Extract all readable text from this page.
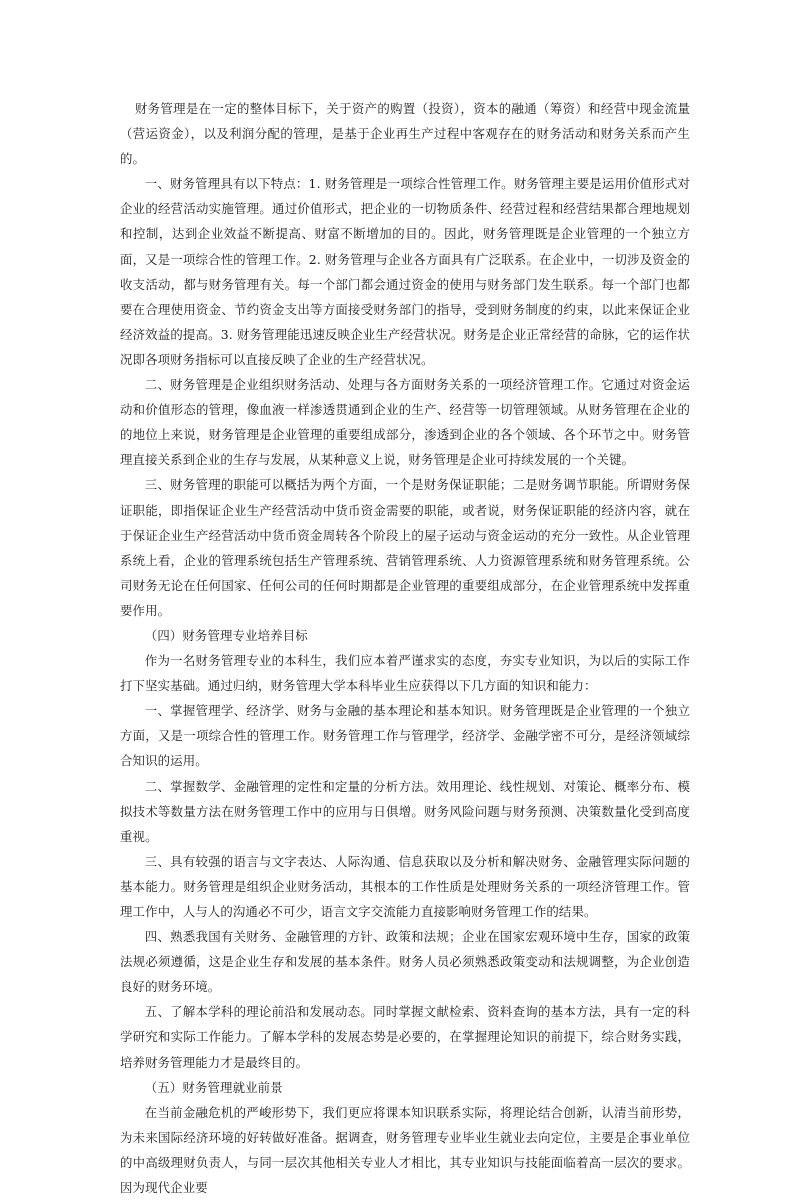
财务管理是在一定的整体目标下，关于资产的购置（投资），资本的融通（筹资）和经营中现金流量（营运资金），以及利润分配的管理，是基于企业再生产过程中客观存在的财务活动和财务关系而产生的。

一、财务管理具有以下特点：1. 财务管理是一项综合性管理工作。财务管理主要是运用价值形式对企业的经营活动实施管理。通过价值形式，把企业的一切物质条件、经营过程和经营结果都合理地规划和控制，达到企业效益不断提高、财富不断增加的目的。因此，财务管理既是企业管理的一个独立方面，又是一项综合性的管理工作。2. 财务管理与企业各方面具有广泛联系。在企业中，一切涉及资金的收支活动，都与财务管理有关。每一个部门都会通过资金的使用与财务部门发生联系。每一个部门也都要在合理使用资金、节约资金支出等方面接受财务部门的指导，受到财务制度的约束，以此来保证企业经济效益的提高。3. 财务管理能迅速反映企业生产经营状况。财务是企业正常经营的命脉，它的运作状况即各项财务指标可以直接反映了企业的生产经营状况。

二、财务管理是企业组织财务活动、处理与各方面财务关系的一项经济管理工作。它通过对资金运动和价值形态的管理，像血液一样渗透贯通到企业的生产、经营等一切管理领域。从财务管理在企业的的地位上来说，财务管理是企业管理的重要组成部分，渗透到企业的各个领域、各个环节之中。财务管理直接关系到企业的生存与发展，从某种意义上说，财务管理是企业可持续发展的一个关键。

三、财务管理的职能可以概括为两个方面，一个是财务保证职能；二是财务调节职能。所谓财务保证职能，即指保证企业生产经营活动中货币资金需要的职能，或者说，财务保证职能的经济内容，就在于保证企业生产经营活动中货币资金周转各个阶段上的屋子运动与资金运动的充分一致性。从企业管理系统上看，企业的管理系统包括生产管理系统、营销管理系统、人力资源管理系统和财务管理系统。公司财务无论在任何国家、任何公司的任何时期都是企业管理的重要组成部分，在企业管理系统中发挥重要作用。

（四）财务管理专业培养目标

作为一名财务管理专业的本科生，我们应本着严谨求实的态度，夯实专业知识，为以后的实际工作打下坚实基础。通过归纳，财务管理大学本科毕业生应获得以下几方面的知识和能力：

一、掌握管理学、经济学、财务与金融的基本理论和基本知识。财务管理既是企业管理的一个独立方面，又是一项综合性的管理工作。财务管理工作与管理学，经济学、金融学密不可分，是经济领域综合知识的运用。

二、掌握数学、金融管理的定性和定量的分析方法。效用理论、线性规划、对策论、概率分布、模拟技术等数量方法在财务管理工作中的应用与日俱增。财务风险问题与财务预测、决策数量化受到高度重视。

三、具有较强的语言与文字表达、人际沟通、信息获取以及分析和解决财务、金融管理实际问题的基本能力。财务管理是组织企业财务活动，其根本的工作性质是处理财务关系的一项经济管理工作。管理工作中，人与人的沟通必不可少，语言文字交流能力直接影响财务管理工作的结果。

四、熟悉我国有关财务、金融管理的方针、政策和法规；企业在国家宏观环境中生存，国家的政策法规必须遵循，这是企业生存和发展的基本条件。财务人员必须熟悉政策变动和法规调整，为企业创造良好的财务环境。

五、了解本学科的理论前沿和发展动态。同时掌握文献检索、资料查询的基本方法，具有一定的科学研究和实际工作能力。了解本学科的发展态势是必要的，在掌握理论知识的前提下，综合财务实践，培养财务管理能力才是最终目的。

（五）财务管理就业前景

在当前金融危机的严峻形势下，我们更应将课本知识联系实际，将理论结合创新，认清当前形势，为未来国际经济环境的好转做好准备。据调查，财务管理专业毕业生就业去向定位，主要是企事业单位的中高级理财负责人，与同一层次其他相关专业人才相比，其专业知识与技能面临着高一层次的要求。因为现代企业要
